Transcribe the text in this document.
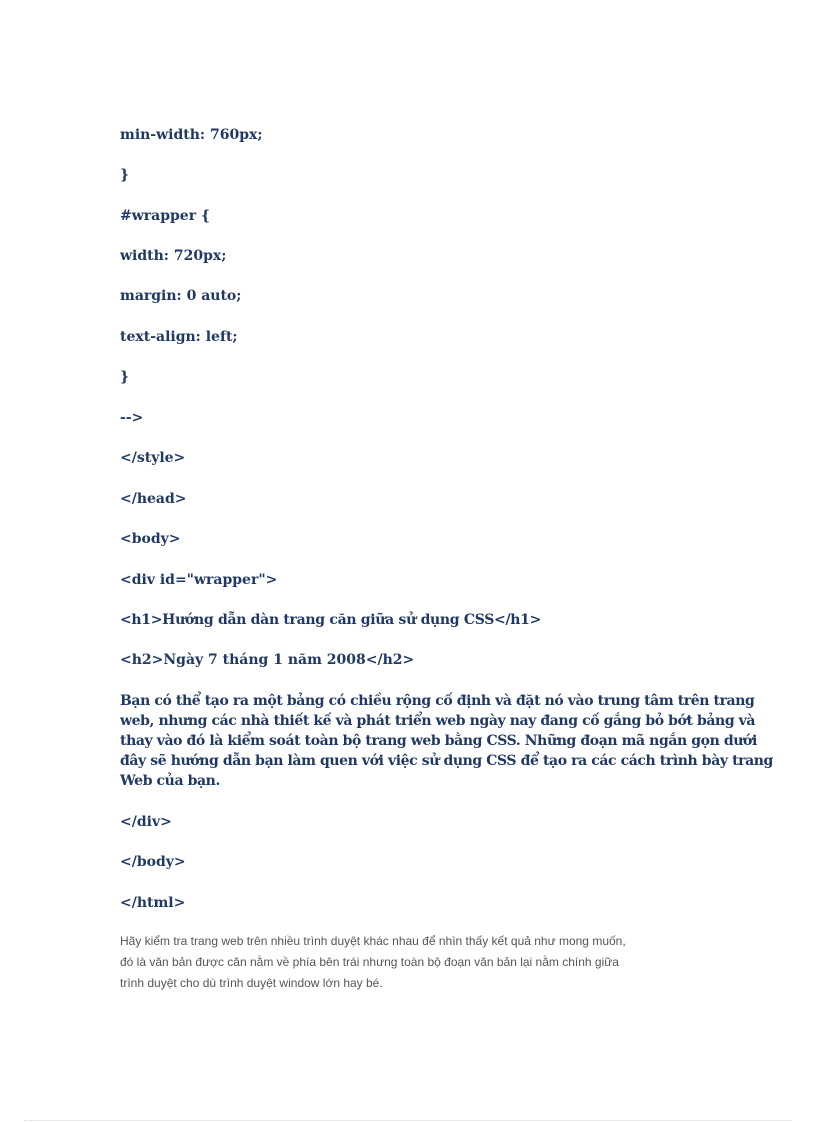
min-width: 760px;

}

#wrapper {

width: 720px;

margin: 0 auto;

text-align: left;

}

-->

</style>

</head>

<body>

<div id="wrapper">

<h1>Hướng dẫn dàn trang căn giữa sử dụng CSS</h1>

<h2>Ngày 7 tháng 1 năm 2008</h2>

Bạn có thể tạo ra một bảng có chiều rộng cố định và đặt nó vào trung tâm trên trang
web, nhưng các nhà thiết kế và phát triển web ngày nay đang cố gắng bỏ bớt bảng và
thay vào đó là kiểm soát toàn bộ trang web bằng CSS. Những đoạn mã ngắn gọn dưới
đây sẽ hướng dẫn bạn làm quen với việc sử dụng CSS để tạo ra các cách trình bày trang
Web của bạn.

</div>

</body>

</html>

Hãy kiểm tra trang web trên nhiều trình duyệt khác nhau để nhìn thấy kết quả như mong muốn,
đó là văn bản được căn nằm về phía bên trái nhưng toàn bộ đoạn văn bản lại nằm chính giữa
trình duyệt cho dù trình duyệt window lớn hay bé.
